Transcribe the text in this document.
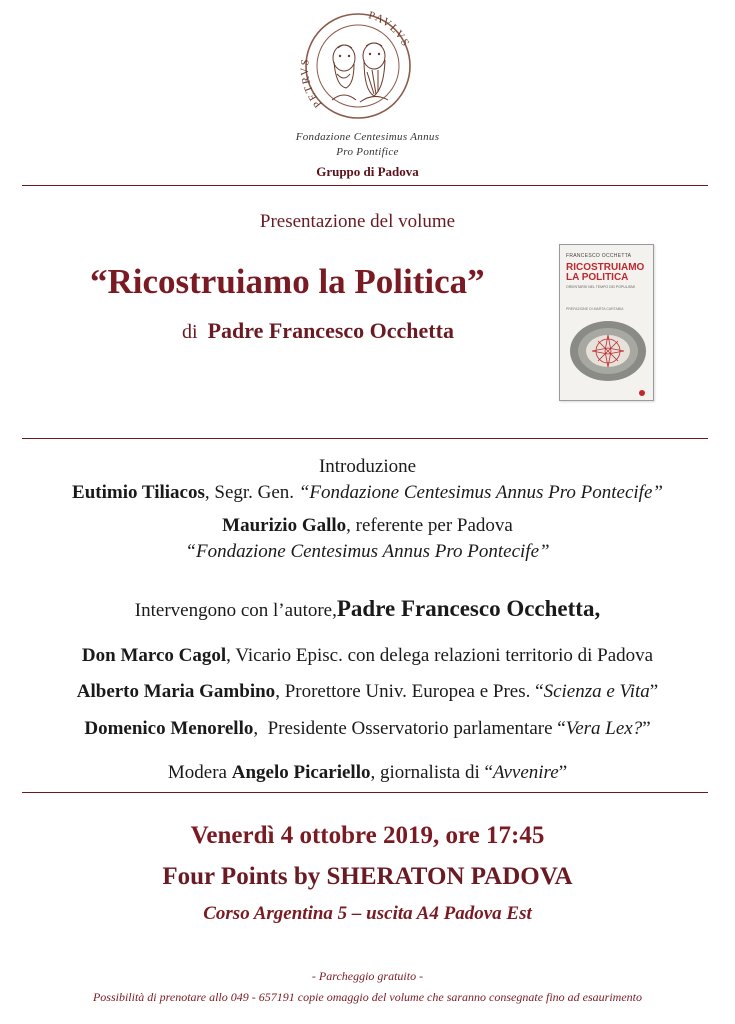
PETRVS
PAVLVS
Fondazione Centesimus Annus
Pro Pontifice
Gruppo di Padova
Presentazione del volume
“Ricostruiamo la Politica”
di Padre Francesco Occhetta
FRANCESCO OCCHETTA
RICOSTRUIAMO
LA POLITICA
ORIENTARSI NEL TEMPO DEI POPULISMI
PREFAZIONE DI MARTA CARTABIA
Introduzione
Eutimio Tiliacos, Segr. Gen. “Fondazione Centesimus Annus Pro Pontecife”
Maurizio Gallo, referente per Padova
“Fondazione Centesimus Annus Pro Pontecife”
Intervengono con l’autore,Padre Francesco Occhetta,
Don Marco Cagol, Vicario Episc. con delega relazioni territorio di Padova
Alberto Maria Gambino, Prorettore Univ. Europea e Pres. “Scienza e Vita”
Domenico Menorello,  Presidente Osservatorio parlamentare “Vera Lex?”
Modera Angelo Picariello, giornalista di “Avvenire”
Venerdì 4 ottobre 2019, ore 17:45
Four Points by SHERATON PADOVA
Corso Argentina 5 – uscita A4 Padova Est
- Parcheggio gratuito -
Possibilità di prenotare allo 049 - 657191 copie omaggio del volume che saranno consegnate fino ad esaurimento
